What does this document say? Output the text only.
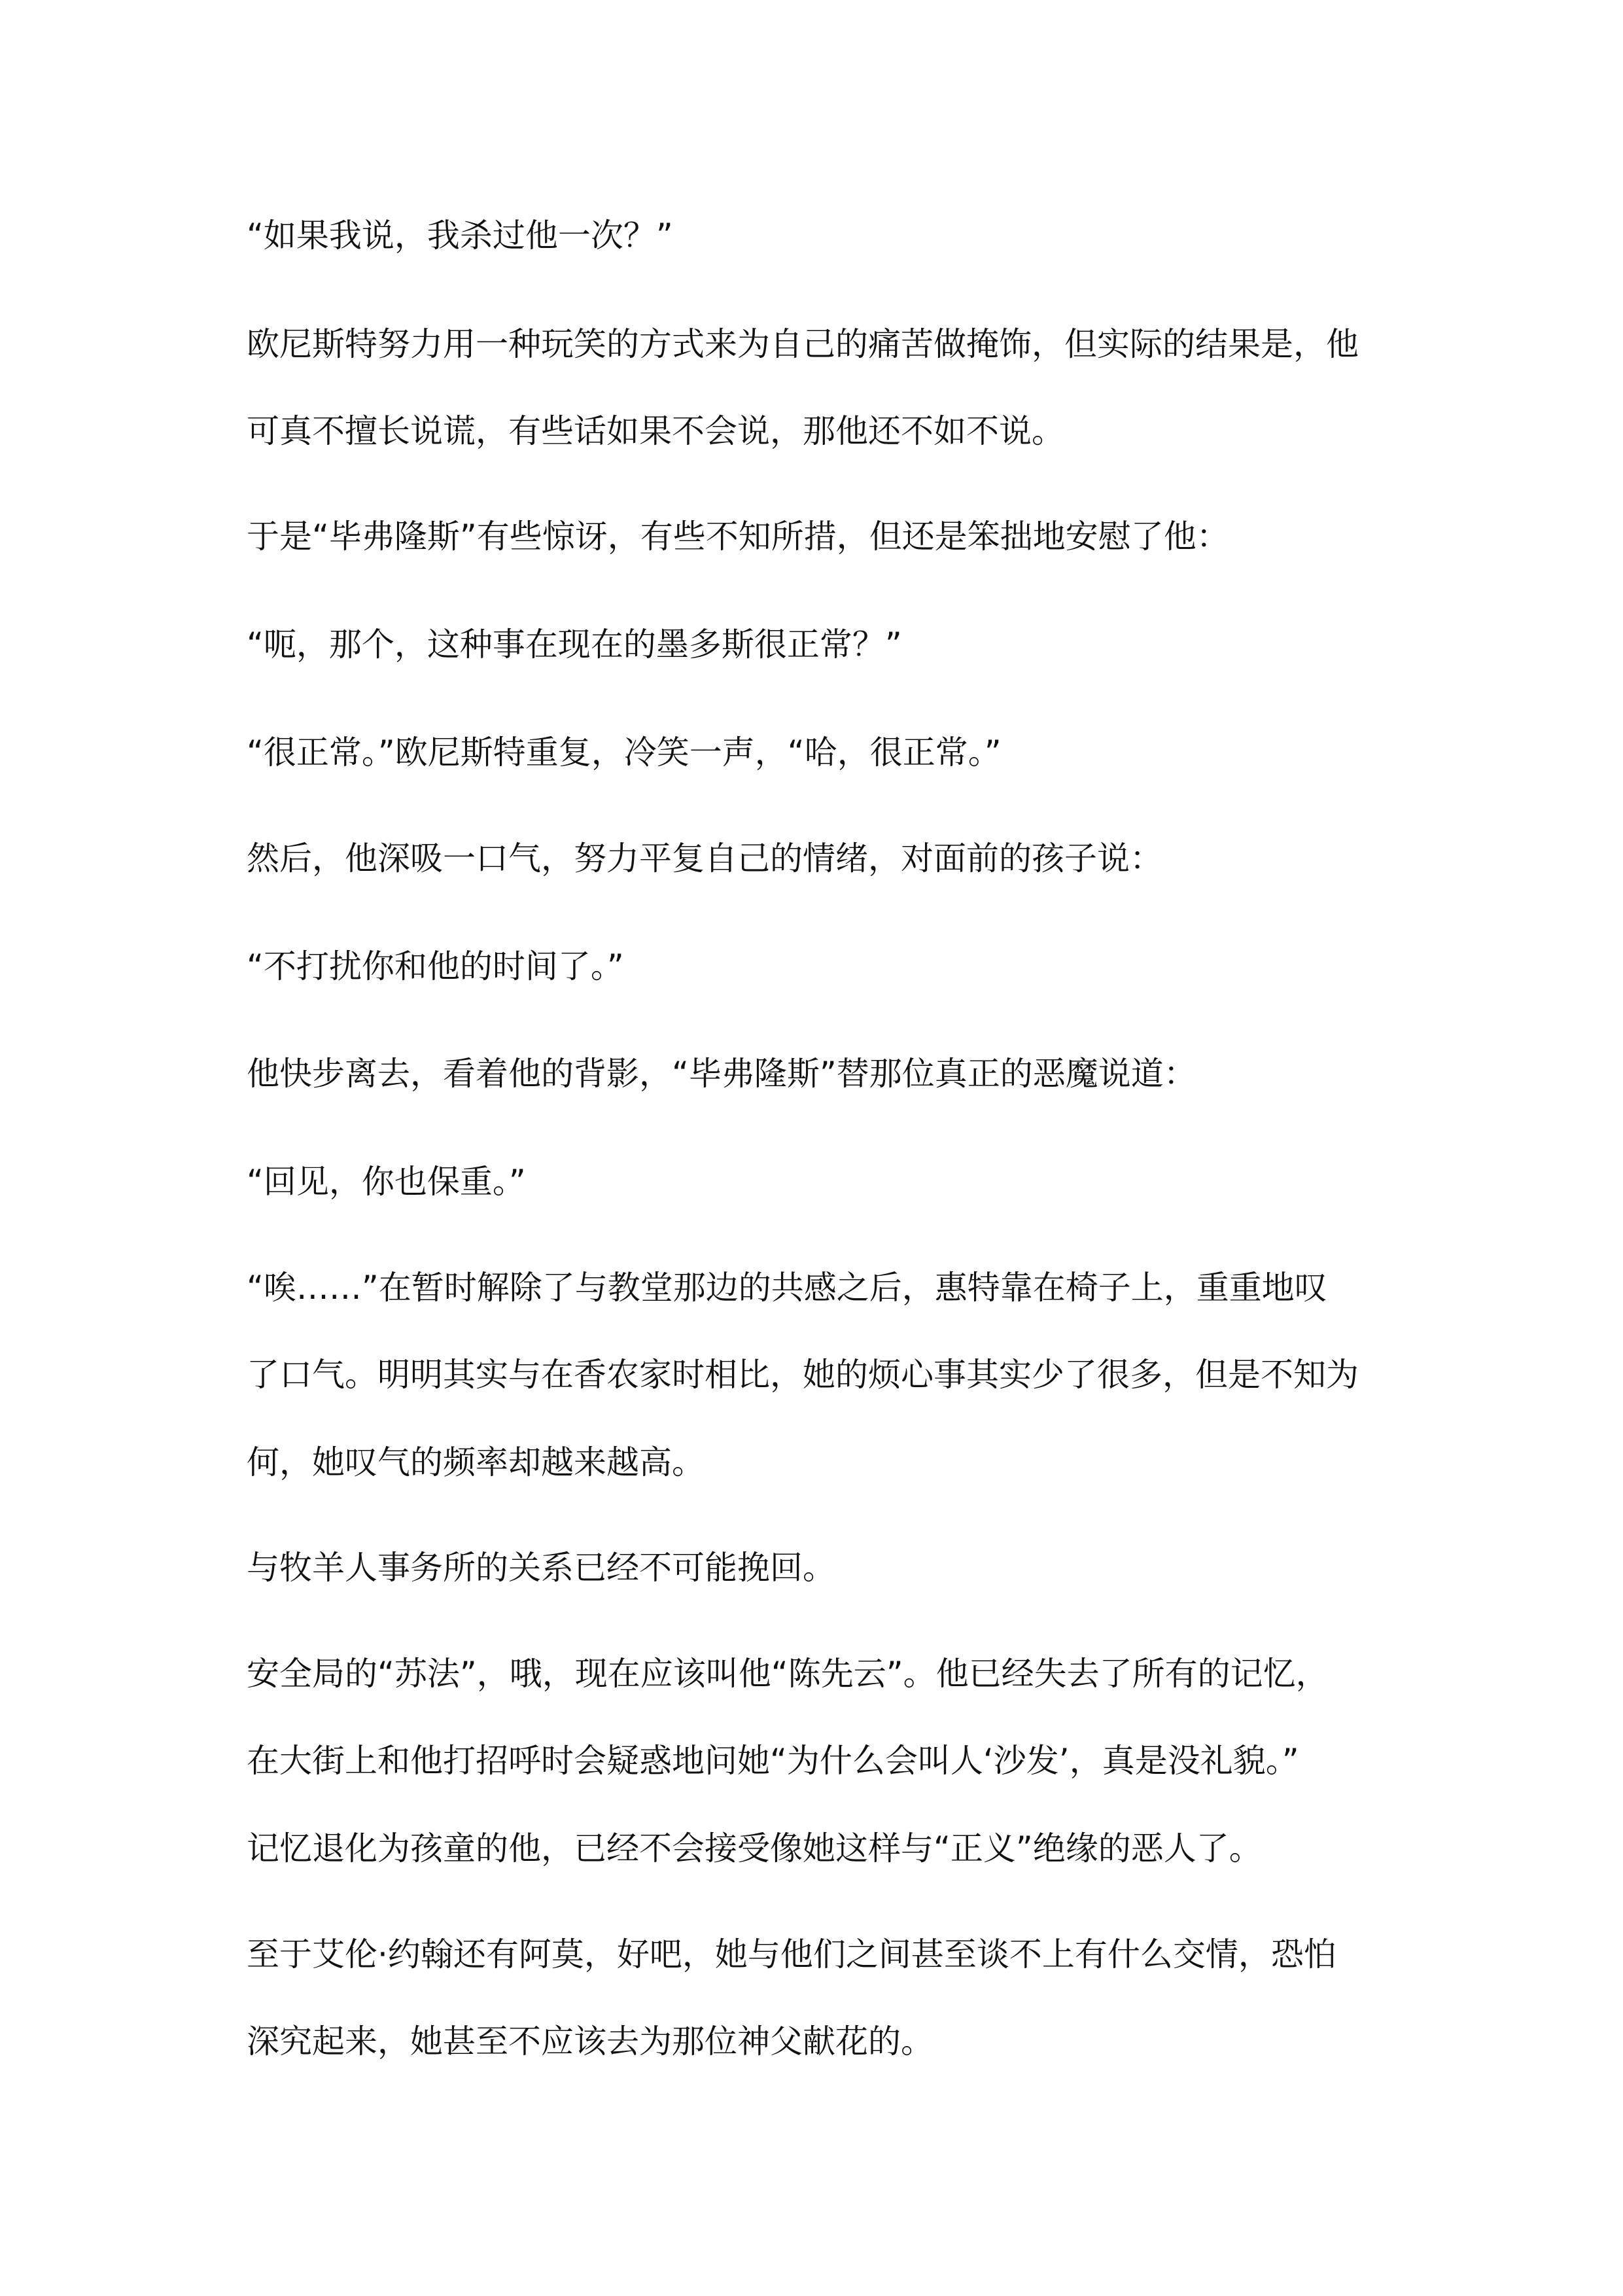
“如果我说，我杀过他一次？”
欧尼斯特努力用一种玩笑的方式来为自己的痛苦做掩饰，但实际的结果是，他
可真不擅长说谎，有些话如果不会说，那他还不如不说。
于是“毕弗隆斯”有些惊讶，有些不知所措，但还是笨拙地安慰了他：
“呃，那个，这种事在现在的墨多斯很正常？”
“很正常。”欧尼斯特重复，冷笑一声，“哈，很正常。”
然后，他深吸一口气，努力平复自己的情绪，对面前的孩子说：
“不打扰你和他的时间了。”
他快步离去，看着他的背影，“毕弗隆斯”替那位真正的恶魔说道：
“回见，你也保重。”
“唉……”在暂时解除了与教堂那边的共感之后，惠特靠在椅子上，重重地叹
了口气。明明其实与在香农家时相比，她的烦心事其实少了很多，但是不知为
何，她叹气的频率却越来越高。
与牧羊人事务所的关系已经不可能挽回。
安全局的“苏法”，哦，现在应该叫他“陈先云”。他已经失去了所有的记忆，
在大街上和他打招呼时会疑惑地问她“为什么会叫人‘沙发’，真是没礼貌。”
记忆退化为孩童的他，已经不会接受像她这样与“正义”绝缘的恶人了。
至于艾伦·约翰还有阿莫，好吧，她与他们之间甚至谈不上有什么交情，恐怕
深究起来，她甚至不应该去为那位神父献花的。
